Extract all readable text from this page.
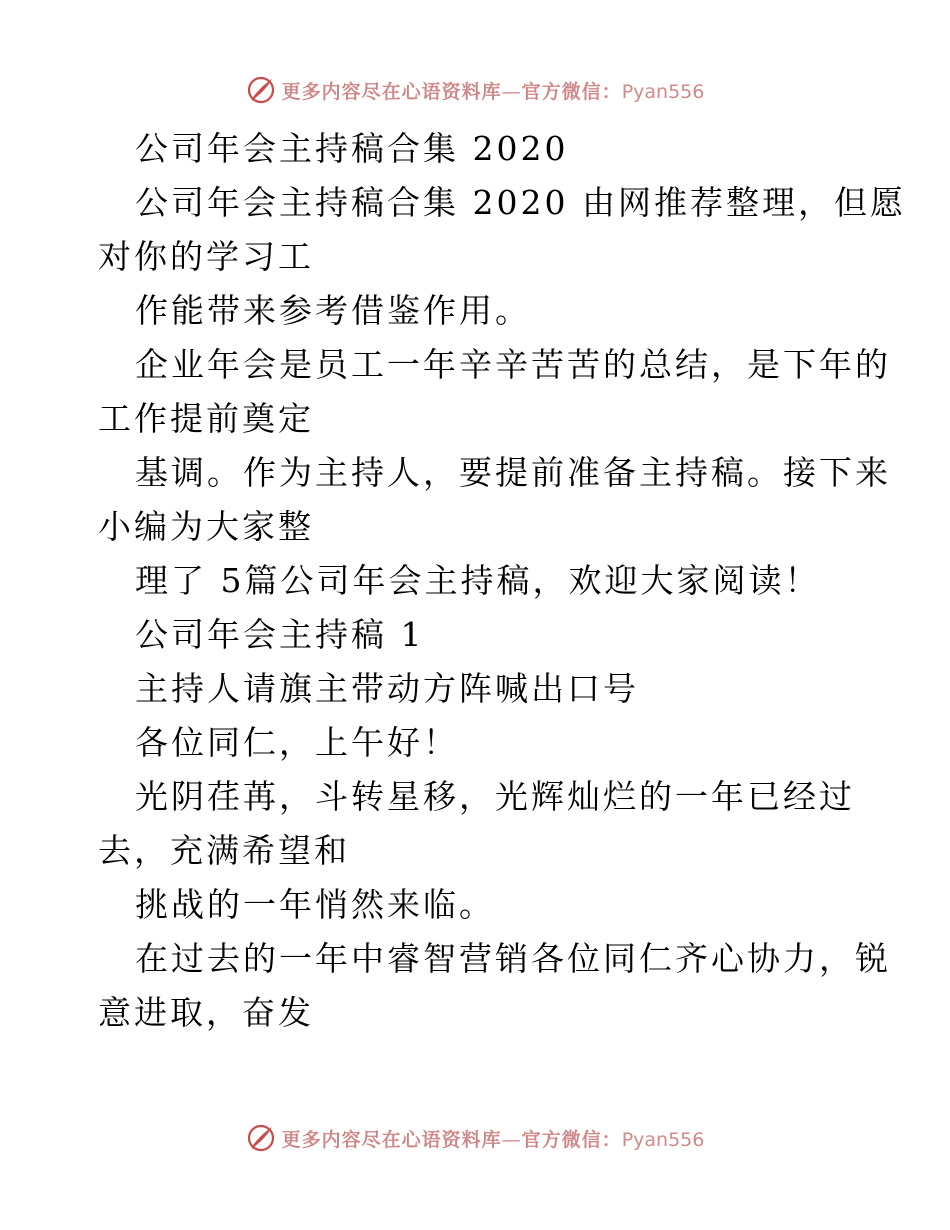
更多内容尽在心语资料库—官方微信：Pyan556
公司年会主持稿合集 2020
公司年会主持稿合集 2020 由网推荐整理，但愿
对你的学习工
作能带来参考借鉴作用。
企业年会是员工一年辛辛苦苦的总结，是下年的
工作提前奠定
基调。作为主持人，要提前准备主持稿。接下来
小编为大家整
理了 5篇公司年会主持稿，欢迎大家阅读！
公司年会主持稿 1
主持人请旗主带动方阵喊出口号
各位同仁，上午好！
光阴荏苒，斗转星移，光辉灿烂的一年已经过
去，充满希望和
挑战的一年悄然来临。
在过去的一年中睿智营销各位同仁齐心协力，锐
意进取，奋发
更多内容尽在心语资料库—官方微信：Pyan556
